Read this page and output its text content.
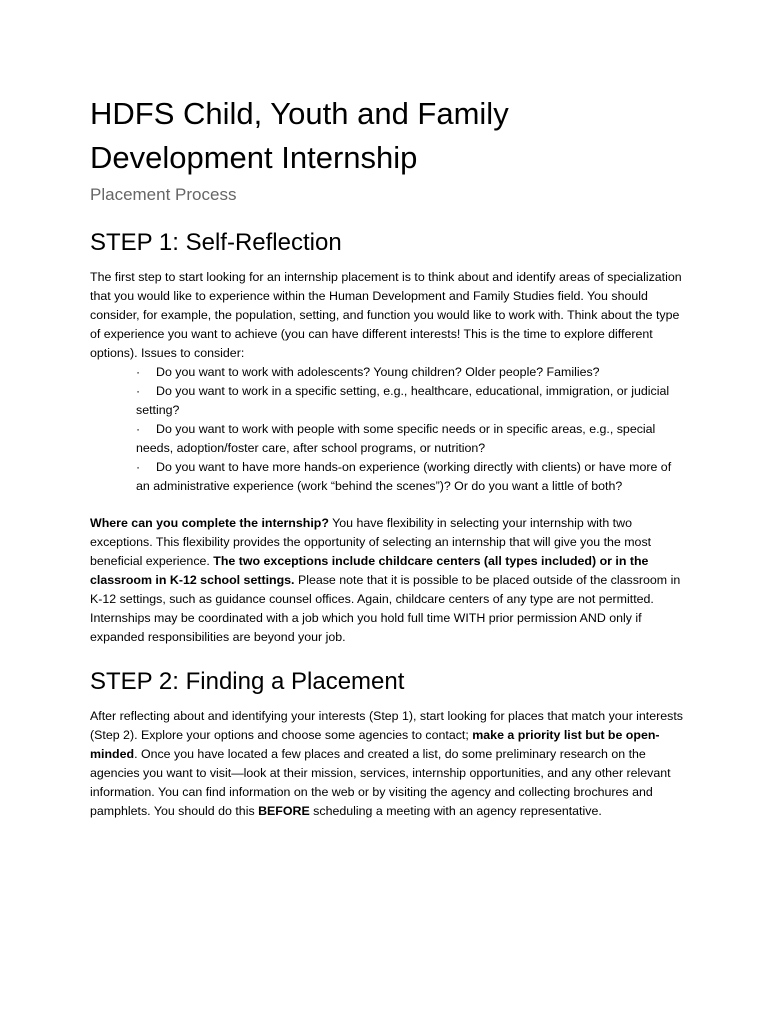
HDFS Child, Youth and Family Development Internship
Placement Process
STEP 1: Self-Reflection

The first step to start looking for an internship placement is to think about and identify areas of specialization that you would like to experience within the Human Development and Family Studies field. You should consider, for example, the population, setting, and function you would like to work with. Think about the type of experience you want to achieve (you can have different interests! This is the time to explore different options). Issues to consider:

· Do you want to work with adolescents? Young children? Older people? Families?
· Do you want to work in a specific setting, e.g., healthcare, educational, immigration, or judicial setting?
· Do you want to work with people with some specific needs or in specific areas, e.g., special needs, adoption/foster care, after school programs, or nutrition?
· Do you want to have more hands-on experience (working directly with clients) or have more of an administrative experience (work “behind the scenes”)? Or do you want a little of both?

Where can you complete the internship? You have flexibility in selecting your internship with two exceptions. This flexibility provides the opportunity of selecting an internship that will give you the most beneficial experience. The two exceptions include childcare centers (all types included) or in the classroom in K-12 school settings. Please note that it is possible to be placed outside of the classroom in K-12 settings, such as guidance counsel offices. Again, childcare centers of any type are not permitted. Internships may be coordinated with a job which you hold full time WITH prior permission AND only if expanded responsibilities are beyond your job.

STEP 2: Finding a Placement

After reflecting about and identifying your interests (Step 1), start looking for places that match your interests (Step 2). Explore your options and choose some agencies to contact; make a priority list but be open-minded. Once you have located a few places and created a list, do some preliminary research on the agencies you want to visit—look at their mission, services, internship opportunities, and any other relevant information. You can find information on the web or by visiting the agency and collecting brochures and pamphlets. You should do this BEFORE scheduling a meeting with an agency representative.
